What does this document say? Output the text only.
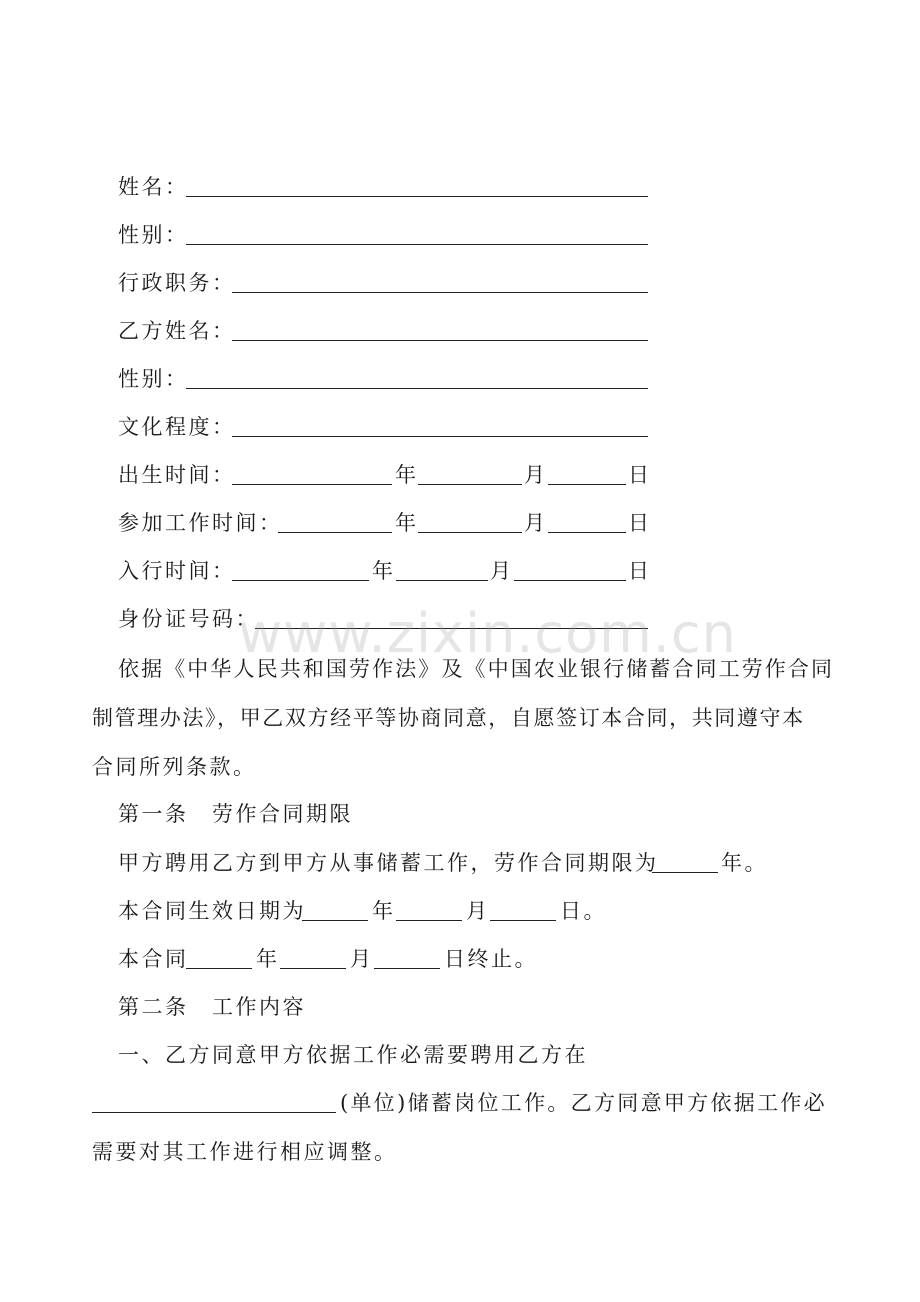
姓名：
性别：
行政职务：
乙方姓名：
性别：
文化程度：
出生时间：	年	月	日
参加工作时间：	年	月	日
入行时间：	年	月	日
身份证号码：
www.zixin.com.cn
依据《中华人民共和国劳作法》及《中国农业银行储蓄合同工劳作合同
制管理办法》，甲乙双方经平等协商同意，自愿签订本合同，共同遵守本
合同所列条款。
第一条　劳作合同期限
甲方聘用乙方到甲方从事储蓄工作，劳作合同期限为	年。
本合同生效日期为	年	月	日。
本合同	年	月	日终止。
第二条　工作内容
一、乙方同意甲方依据工作必需要聘用乙方在
(单位)储蓄岗位工作。乙方同意甲方依据工作必
需要对其工作进行相应调整。
